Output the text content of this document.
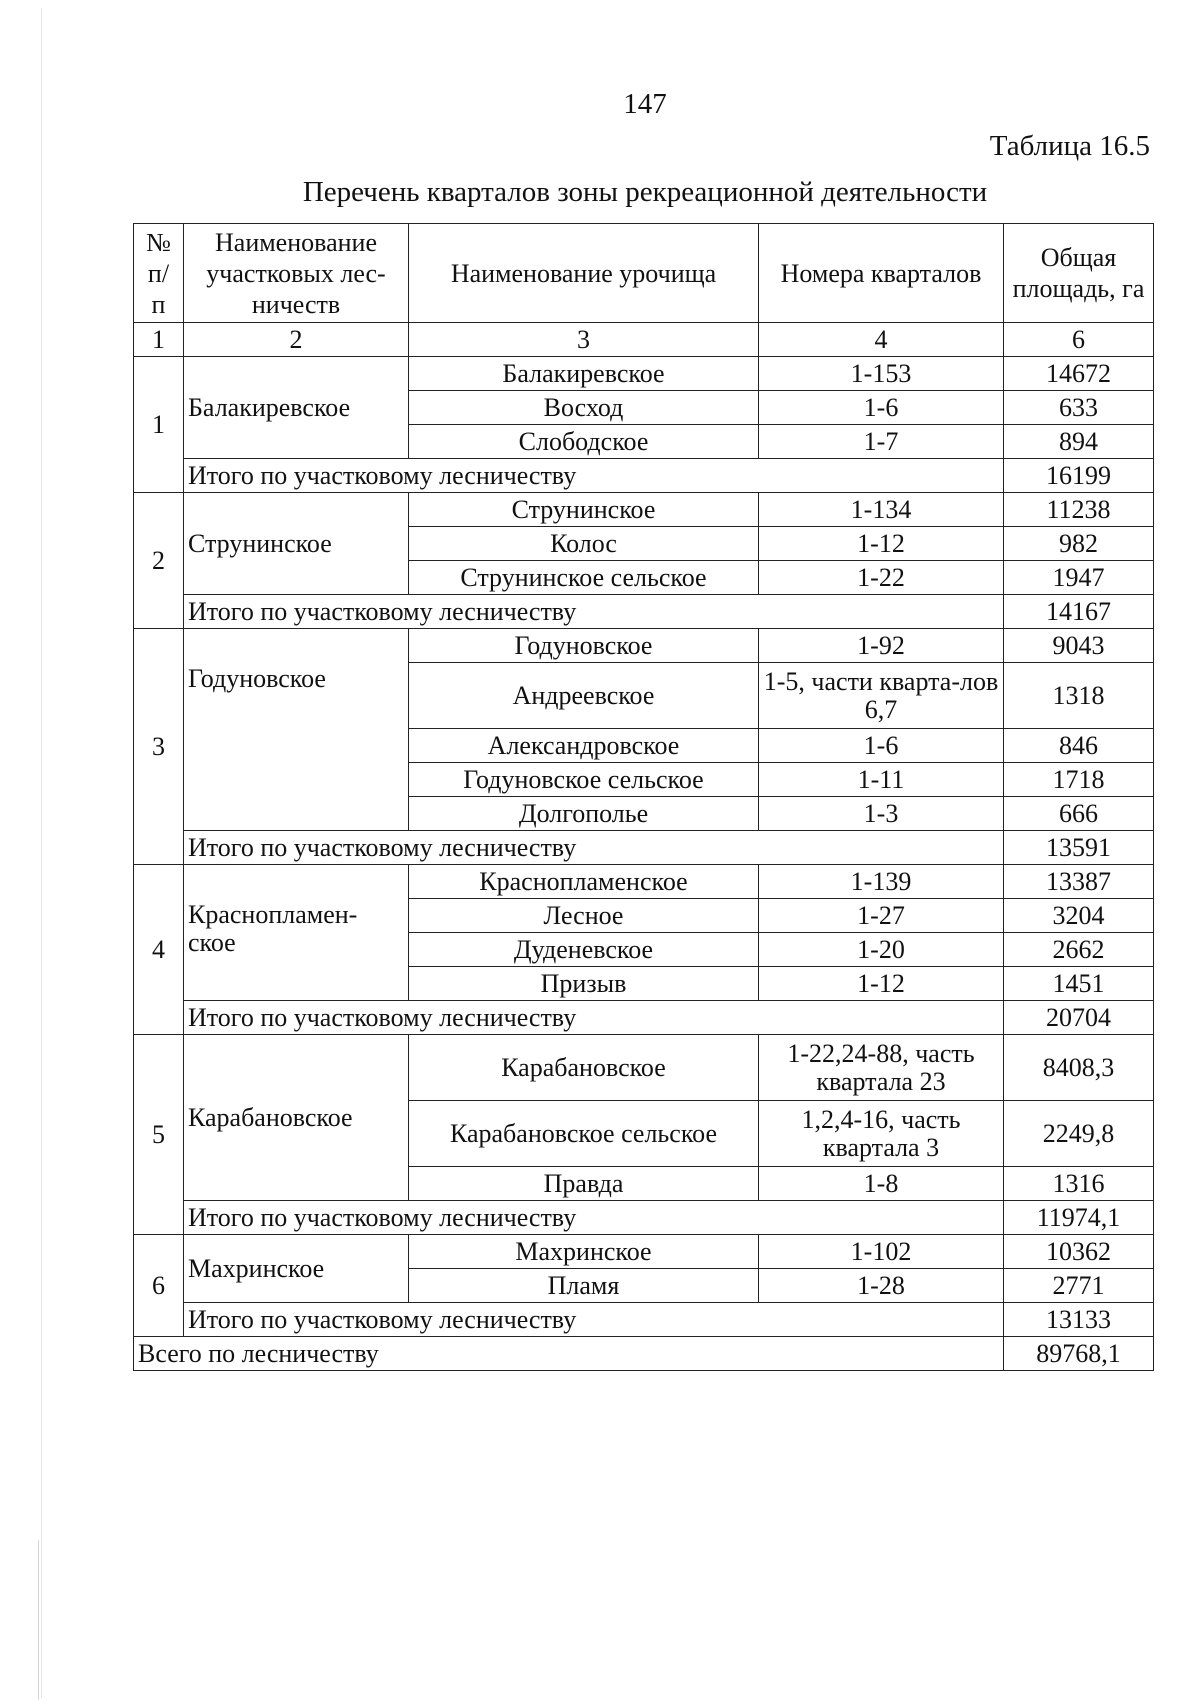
147
Таблица 16.5
Перечень кварталов зоны рекреационной деятельности
№ п/ п	Наименование участковых лес-ничеств	Наименование урочища	Номера кварталов	Общая площадь, га
1	2	3	4	6
1	Балакиревское	Балакиревское	1-153	14672
		Восход	1-6	633
		Слободское	1-7	894
	Итого по участковому лесничеству			16199
2	Струнинское	Струнинское	1-134	11238
		Колос	1-12	982
		Струнинское сельское	1-22	1947
	Итого по участковому лесничеству			14167
3	Годуновское	Годуновское	1-92	9043
		Андреевское	1-5, части кварта-лов 6,7	1318
		Александровское	1-6	846
		Годуновское сельское	1-11	1718
		Долгополье	1-3	666
	Итого по участковому лесничеству			13591
4	Краснопламен-ское	Краснопламенское	1-139	13387
		Лесное	1-27	3204
		Дуденевское	1-20	2662
		Призыв	1-12	1451
	Итого по участковому лесничеству			20704
5	Карабановское	Карабановское	1-22,24-88, часть квартала 23	8408,3
		Карабановское сельское	1,2,4-16, часть квартала 3	2249,8
		Правда	1-8	1316
	Итого по участковому лесничеству			11974,1
6	Махринское	Махринское	1-102	10362
		Пламя	1-28	2771
	Итого по участковому лесничеству			13133
Всего по лесничеству				89768,1
